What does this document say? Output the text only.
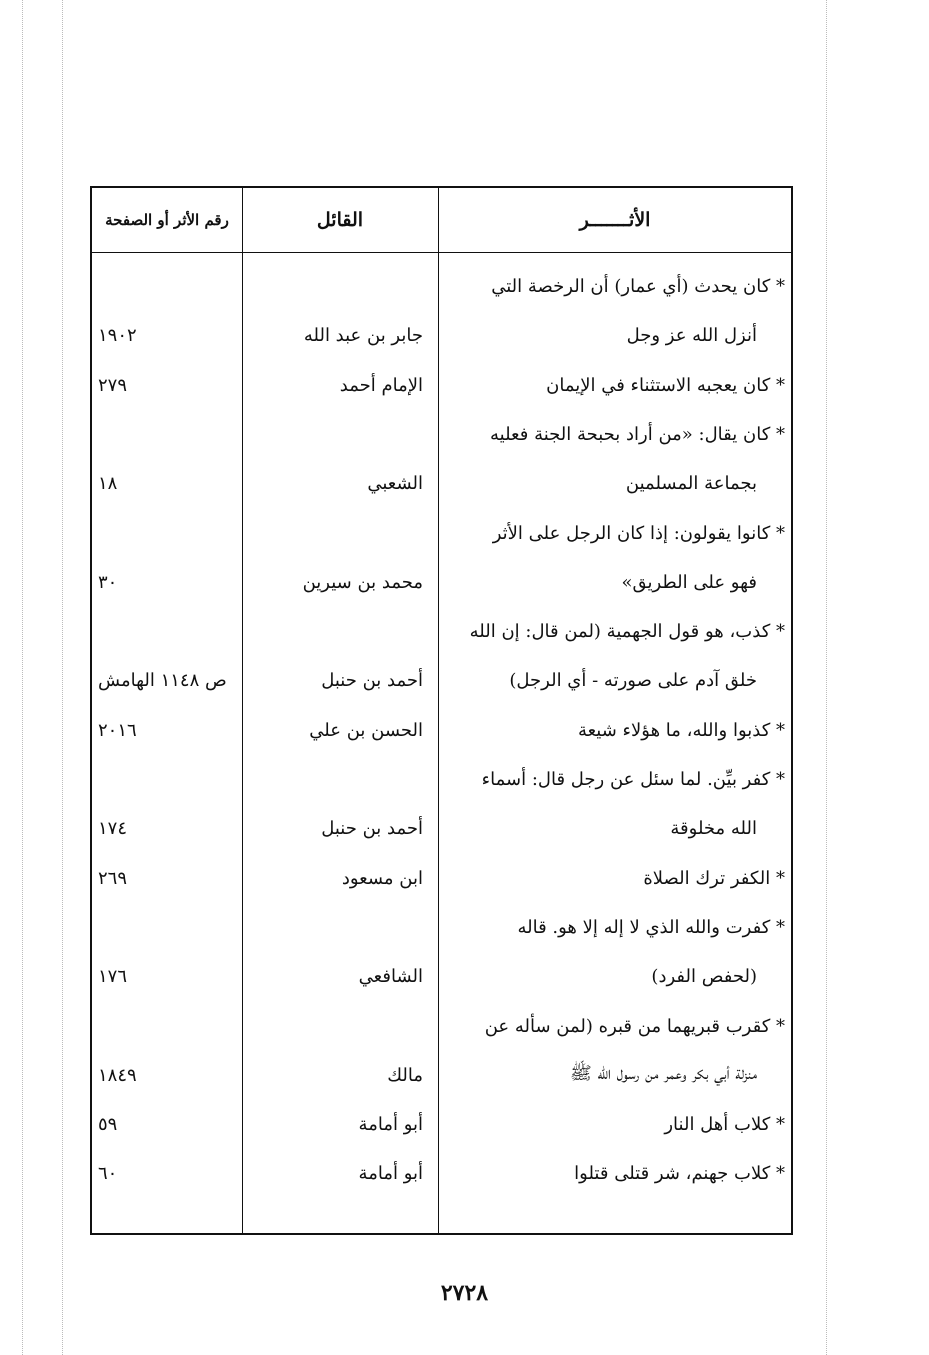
الأثـــــــر
القائل
رقم الأثر أو الصفحة
* كان يحدث (أي عمار) أن الرخصة التي
أنزل الله عز وجل
جابر بن عبد الله
١٩٠٢
* كان يعجبه الاستثناء في الإيمان
الإمام أحمد
٢٧٩
* كان يقال: «من أراد بحبحة الجنة فعليه
بجماعة المسلمين
الشعبي
١٨
* كانوا يقولون: إذا كان الرجل على الأثر
فهو على الطريق»
محمد بن سيرين
٣٠
* كذب، هو قول الجهمية (لمن قال: إن الله
خلق آدم على صورته - أي الرجل)
أحمد بن حنبل
ص ١١٤٨ الهامش
* كذبوا والله، ما هؤلاء شيعة
الحسن بن علي
٢٠١٦
* كفر بيِّن. لما سئل عن رجل قال: أسماء
الله مخلوقة
أحمد بن حنبل
١٧٤
* الكفر ترك الصلاة
ابن مسعود
٢٦٩
* كفرت والله الذي لا إله إلا هو. قاله
(لحفص الفرد)
الشافعي
١٧٦
* كقرب قبريهما من قبره (لمن سأله عن
منزلة أبي بكر وعمر من رسول الله ﷺ
مالك
١٨٤٩
* كلاب أهل النار
أبو أمامة
٥٩
* كلاب جهنم، شر قتلى قتلوا
أبو أمامة
٦٠
٢٧٢٨
